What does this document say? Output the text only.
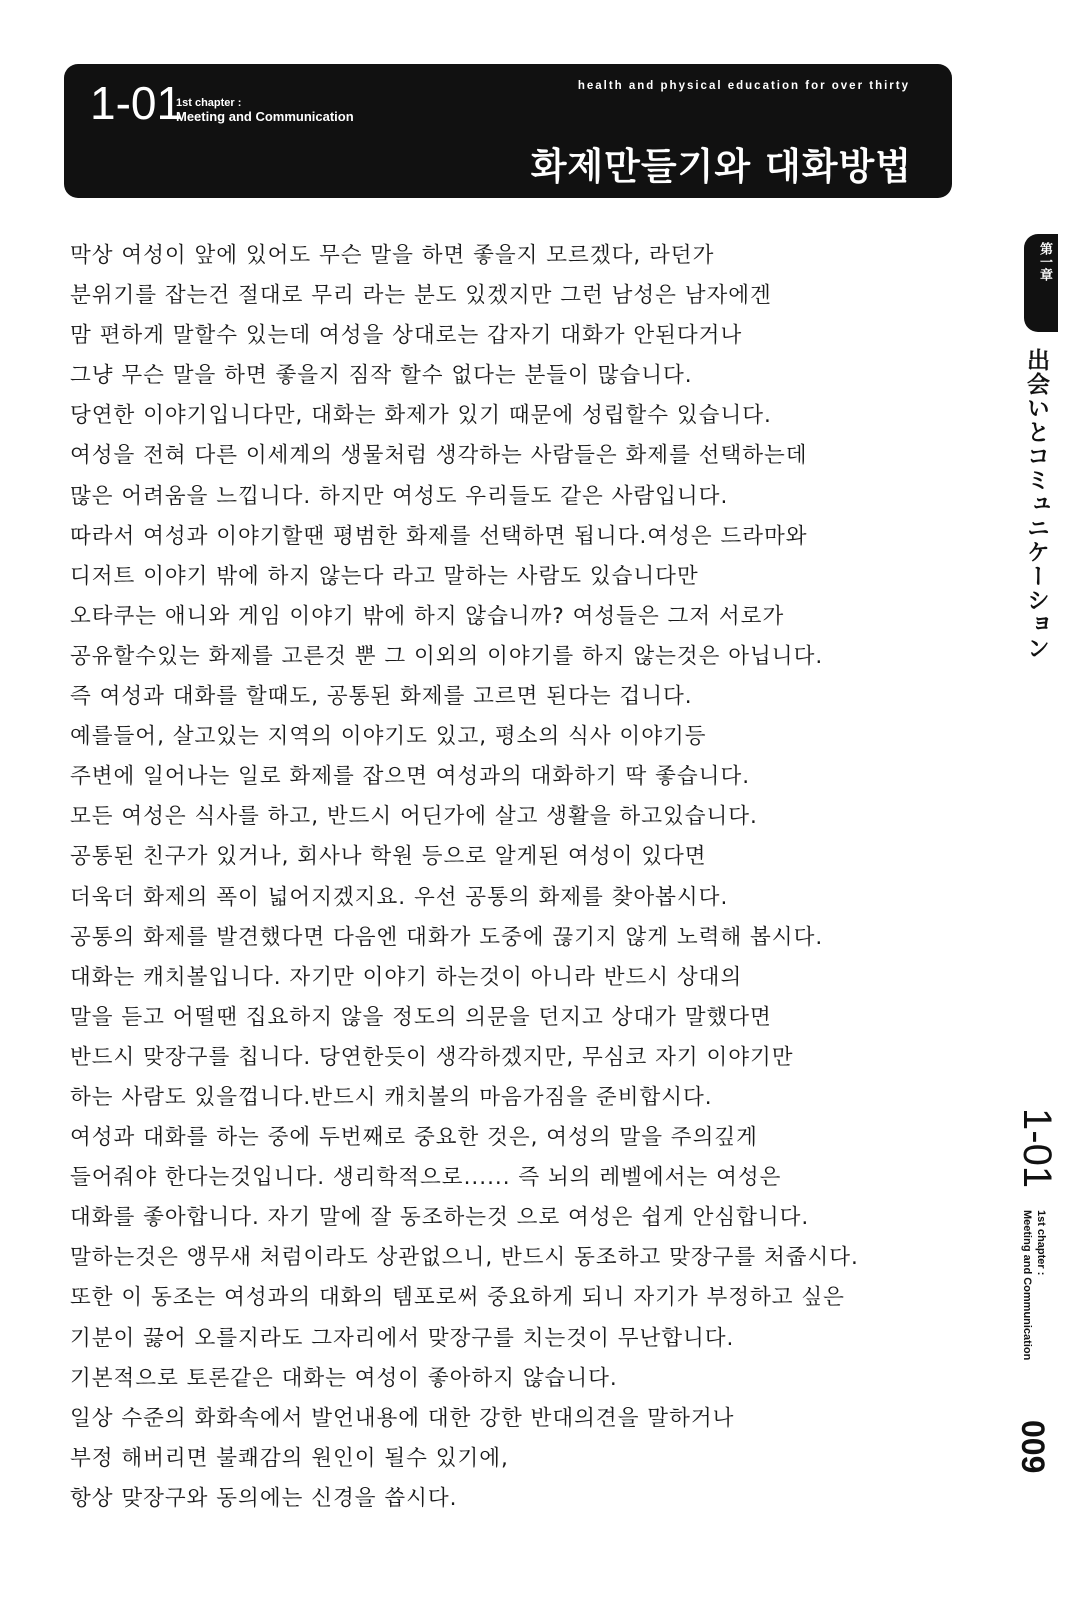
1-01
1st chapter :
Meeting and Communication
health and physical education for over thirty
화제만들기와 대화방법
막상 여성이 앞에 있어도 무슨 말을 하면 좋을지 모르겠다, 라던가
분위기를 잡는건 절대로 무리 라는 분도 있겠지만 그런 남성은 남자에겐
맘 편하게 말할수 있는데 여성을 상대로는 갑자기 대화가 안된다거나
그냥 무슨 말을 하면 좋을지 짐작 할수 없다는 분들이 많습니다.
당연한 이야기입니다만, 대화는 화제가 있기 때문에 성립할수 있습니다.
여성을 전혀 다른 이세계의 생물처럼 생각하는 사람들은 화제를 선택하는데
많은 어려움을 느낍니다. 하지만 여성도 우리들도 같은 사람입니다.
따라서 여성과 이야기할땐 평범한 화제를 선택하면 됩니다.여성은 드라마와
디저트 이야기 밖에 하지 않는다 라고 말하는 사람도 있습니다만
오타쿠는 애니와 게임 이야기 밖에 하지 않습니까? 여성들은 그저 서로가
공유할수있는 화제를 고른것 뿐 그 이외의 이야기를 하지 않는것은 아닙니다.
즉 여성과 대화를 할때도, 공통된 화제를 고르면 된다는 겁니다.
예를들어, 살고있는 지역의 이야기도 있고, 평소의 식사 이야기등
주변에 일어나는 일로 화제를 잡으면 여성과의 대화하기 딱 좋습니다.
모든 여성은 식사를 하고, 반드시 어딘가에 살고 생활을 하고있습니다.
공통된 친구가 있거나, 회사나 학원 등으로 알게된 여성이 있다면
더욱더 화제의 폭이 넓어지겠지요. 우선 공통의 화제를 찾아봅시다.
공통의 화제를 발견했다면 다음엔 대화가 도중에 끊기지 않게 노력해 봅시다.
대화는 캐치볼입니다. 자기만 이야기 하는것이 아니라 반드시 상대의
말을 듣고 어떨땐 집요하지 않을 정도의 의문을 던지고 상대가 말했다면
반드시 맞장구를 칩니다. 당연한듯이 생각하겠지만, 무심코 자기 이야기만
하는 사람도 있을껍니다.반드시 캐치볼의 마음가짐을 준비합시다.
여성과 대화를 하는 중에 두번째로 중요한 것은, 여성의 말을 주의깊게
들어줘야 한다는것입니다. 생리학적으로...... 즉 뇌의 레벨에서는 여성은
대화를 좋아합니다. 자기 말에 잘 동조하는것 으로 여성은 쉽게 안심합니다.
말하는것은 앵무새 처럼이라도 상관없으니, 반드시 동조하고 맞장구를 처줍시다.
또한 이 동조는 여성과의 대화의 템포로써 중요하게 되니 자기가 부정하고 싶은
기분이 끓어 오를지라도 그자리에서 맞장구를 치는것이 무난합니다.
기본적으로 토론같은 대화는 여성이 좋아하지 않습니다.
일상 수준의 화화속에서 발언내용에 대한 강한 반대의견을 말하거나
부정 해버리면 불쾌감의 원인이 될수 있기에,
항상 맞장구와 동의에는 신경을 씁시다.
第一章
出会いとコミュニケーション
1-01
1st chapter :
Meeting and Communication
009
